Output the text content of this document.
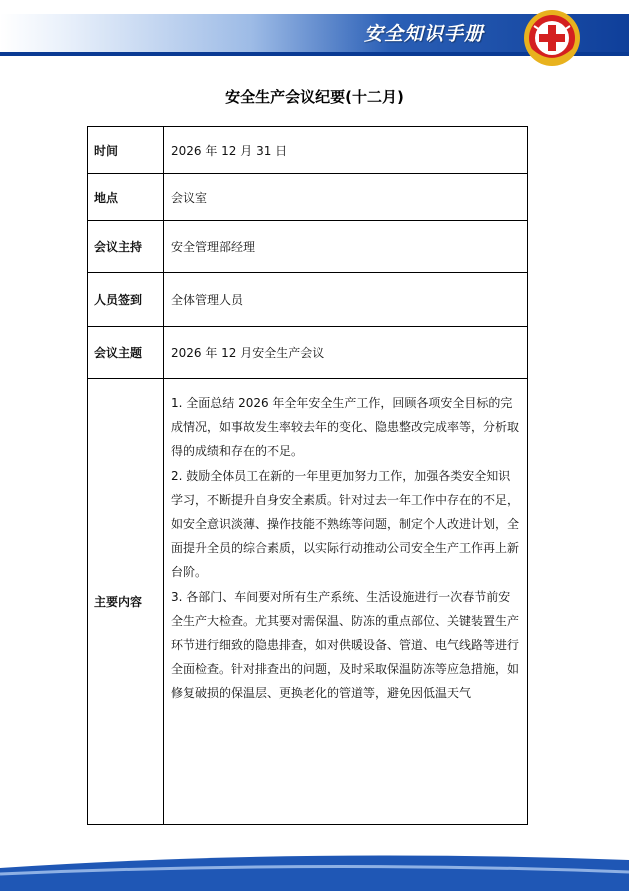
安全知识手册
安全生产会议纪要(十二月)
时间	2026 年 12 月 31 日
地点	会议室
会议主持	安全管理部经理
人员签到	全体管理人员
会议主题	2026 年 12 月安全生产会议
主要内容	1. 全面总结 2026 年全年安全生产工作，回顾各项安全目标的完成情况，如事故发生率较去年的变化、隐患整改完成率等，分析取得的成绩和存在的不足。

2. 鼓励全体员工在新的一年里更加努力工作，加强各类安全知识学习，不断提升自身安全素质。针对过去一年工作中存在的不足，如安全意识淡薄、操作技能不熟练等问题，制定个人改进计划，全面提升全员的综合素质，以实际行动推动公司安全生产工作再上新台阶。

3. 各部门、车间要对所有生产系统、生活设施进行一次春节前安全生产大检查。尤其要对需保温、防冻的重点部位、关键装置生产环节进行细致的隐患排查，如对供暖设备、管道、电气线路等进行全面检查。针对排查出的问题，及时采取保温防冻等应急措施，如修复破损的保温层、更换老化的管道等，避免因低温天气
